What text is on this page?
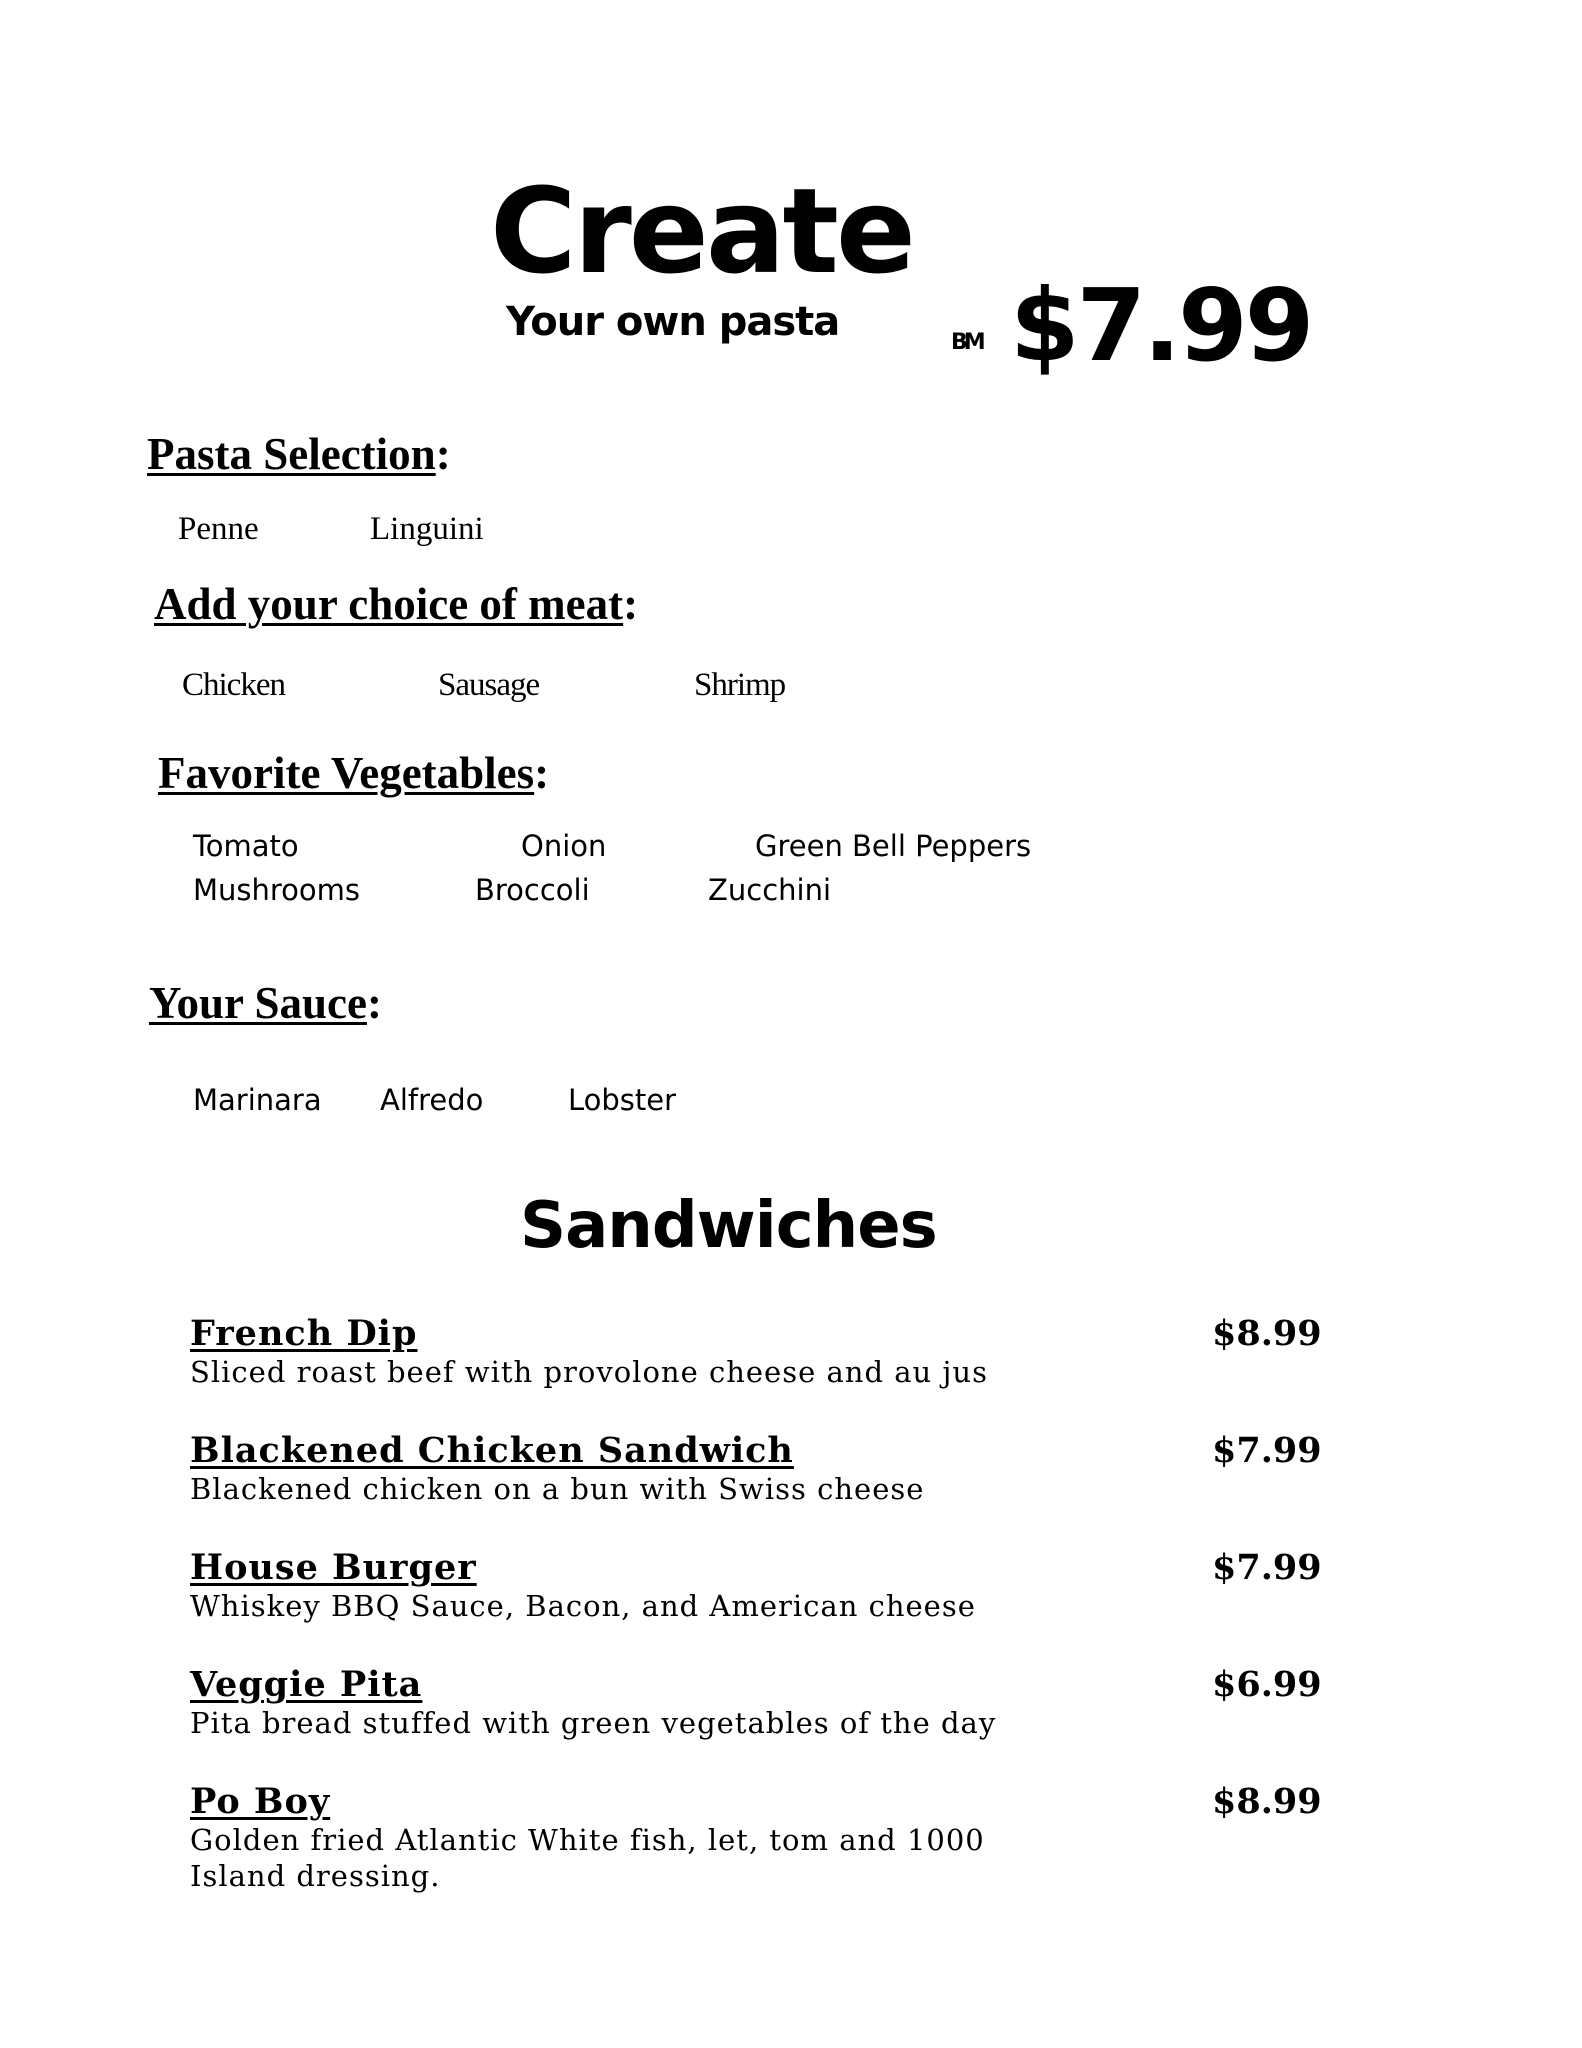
Create
Your own pasta	BM $7.99
Pasta Selection:
Penne	Linguini
Add your choice of meat:
Chicken	Sausage	Shrimp
Favorite Vegetables:
Tomato	Onion	Green Bell Peppers
Mushrooms	Broccoli	Zucchini
Your Sauce:
Marinara Alfredo	Lobster
Sandwiches
French Dip
Sliced roast beef with provolone cheese and au jus
$8.99
Blackened Chicken Sandwich
Blackened chicken on a bun with Swiss cheese
$7.99
House Burger
Whiskey BBQ Sauce, Bacon, and American cheese
$7.99
Veggie Pita
Pita bread stuffed with green vegetables of the day
$6.99
Po Boy
Golden fried Atlantic White fish, let, tom and 1000
Island dressing.
$8.99
